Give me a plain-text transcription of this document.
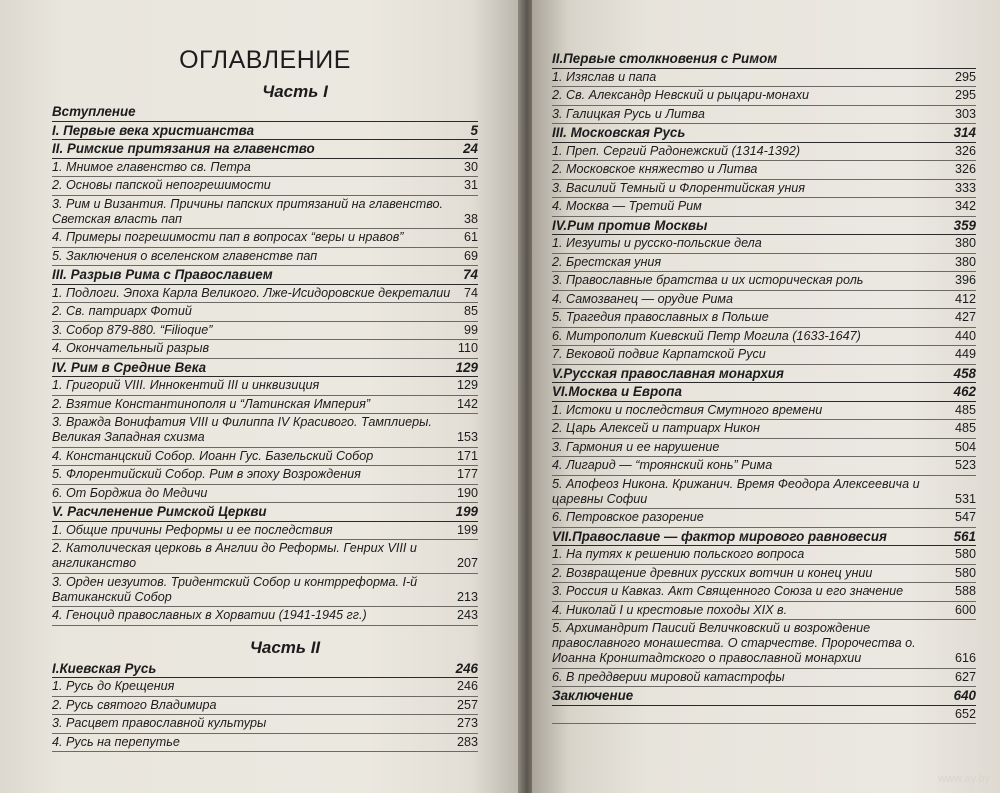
ОГЛАВЛЕНИЕ
Часть I
Вступление
I. Первые века христианства	5
II. Римские притязания на главенство	24
1. Мнимое главенство св. Петра	30
2. Основы папской непогрешимости	31
3. Рим и Византия. Причины папских притязаний на главенство. Светская власть пап	38
4. Примеры погрешимости пап в вопросах “веры и нравов”	61
5. Заключения о вселенском главенстве пап	69
III. Разрыв Рима с Православием	74
1. Подлоги. Эпоха Карла Великого. Лже-Исидоровские декреталии	74
2. Св. патриарх Фотий	85
3. Собор 879-880. “Filioque”	99
4. Окончательный разрыв	110
IV. Рим в Средние Века	129
1. Григорий VIII. Иннокентий III и инквизиция	129
2. Взятие Константинополя и “Латинская Империя”	142
3. Вражда Вонифатия VIII и Филиппа IV Красивого. Тамплиеры. Великая Западная схизма	153
4. Констанцский Собор. Иоанн Гус. Базельский Собор	171
5. Флорентийский Собор. Рим в эпоху Возрождения	177
6. От Борджиа до Медичи	190
V. Расчленение Римской Церкви	199
1. Общие причины Реформы и ее последствия	199
2. Католическая церковь в Англии до Реформы. Генрих VIII и англиканство	207
3. Орден иезуитов. Тридентский Собор и контрреформа. I-й Ватиканский Собор	213
4. Геноцид православных в Хорватии (1941-1945 гг.)	243
Часть II
I.Киевская Русь	246
1. Русь до Крещения	246
2. Русь святого Владимира	257
3. Расцвет православной культуры	273
4. Русь на перепутье	283
II.Первые столкновения с Римом
1. Изяслав и папа	295
2. Св. Александр Невский и рыцари-монахи	295
3. Галицкая Русь и Литва	303
III. Московская Русь	314
1. Преп. Сергий Радонежский (1314-1392)	326
2. Московское княжество и Литва	326
3. Василий Темный и Флорентийская уния	333
4. Москва — Третий Рим	342
IV.Рим против Москвы	359
1. Иезуиты и русско-польские дела	380
2. Брестская уния	380
3. Православные братства и их историческая роль	396
4. Самозванец — орудие Рима	412
5. Трагедия православных в Польше	427
6. Митрополит Киевский Петр Могила (1633-1647)	440
7. Вековой подвиг Карпатской Руси	449
V.Русская православная монархия	458
VI.Москва и Европа	462
1. Истоки и последствия Смутного времени	485
2. Царь Алексей и патриарх Никон	485
3. Гармония и ее нарушение	504
4. Лигарид — “троянский конь” Рима	523
5. Апофеоз Никона. Крижанич. Время Феодора Алексеевича и царевны Софии	531
6. Петровское разорение	547
VII.Православие — фактор мирового равновесия	561
1. На путях к решению польского вопроса	580
2. Возвращение древних русских вотчин и конец унии	580
3. Россия и Кавказ. Акт Священного Союза и его значение	588
4. Николай I и крестовые походы XIX в.	600
5. Архимандрит Паисий Величковский и возрождение православного монашества. О старчестве. Пророчества о. Иоанна Кронштадтского о православной монархии	616
6. В преддверии мировой катастрофы	627
Заключение	640
652
www.ay.by
